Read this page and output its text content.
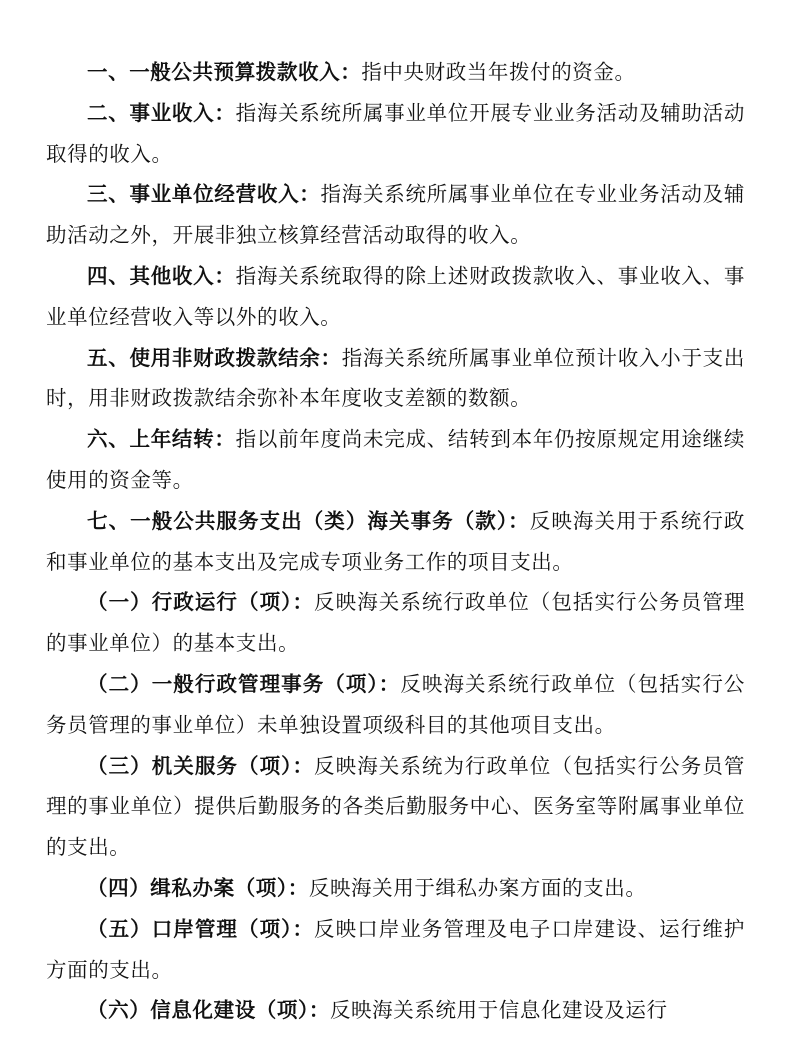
一、一般公共预算拨款收入：指中央财政当年拨付的资金。

二、事业收入：指海关系统所属事业单位开展专业业务活动及辅助活动取得的收入。

三、事业单位经营收入：指海关系统所属事业单位在专业业务活动及辅助活动之外，开展非独立核算经营活动取得的收入。

四、其他收入：指海关系统取得的除上述财政拨款收入、事业收入、事业单位经营收入等以外的收入。

五、使用非财政拨款结余：指海关系统所属事业单位预计收入小于支出时，用非财政拨款结余弥补本年度收支差额的数额。

六、上年结转：指以前年度尚未完成、结转到本年仍按原规定用途继续使用的资金等。

七、一般公共服务支出（类）海关事务（款）：反映海关用于系统行政和事业单位的基本支出及完成专项业务工作的项目支出。

（一）行政运行（项）：反映海关系统行政单位（包括实行公务员管理的事业单位）的基本支出。

（二）一般行政管理事务（项）：反映海关系统行政单位（包括实行公务员管理的事业单位）未单独设置项级科目的其他项目支出。

（三）机关服务（项）：反映海关系统为行政单位（包括实行公务员管理的事业单位）提供后勤服务的各类后勤服务中心、医务室等附属事业单位的支出。

（四）缉私办案（项）：反映海关用于缉私办案方面的支出。

（五）口岸管理（项）：反映口岸业务管理及电子口岸建设、运行维护方面的支出。

（六）信息化建设（项）：反映海关系统用于信息化建设及运行
